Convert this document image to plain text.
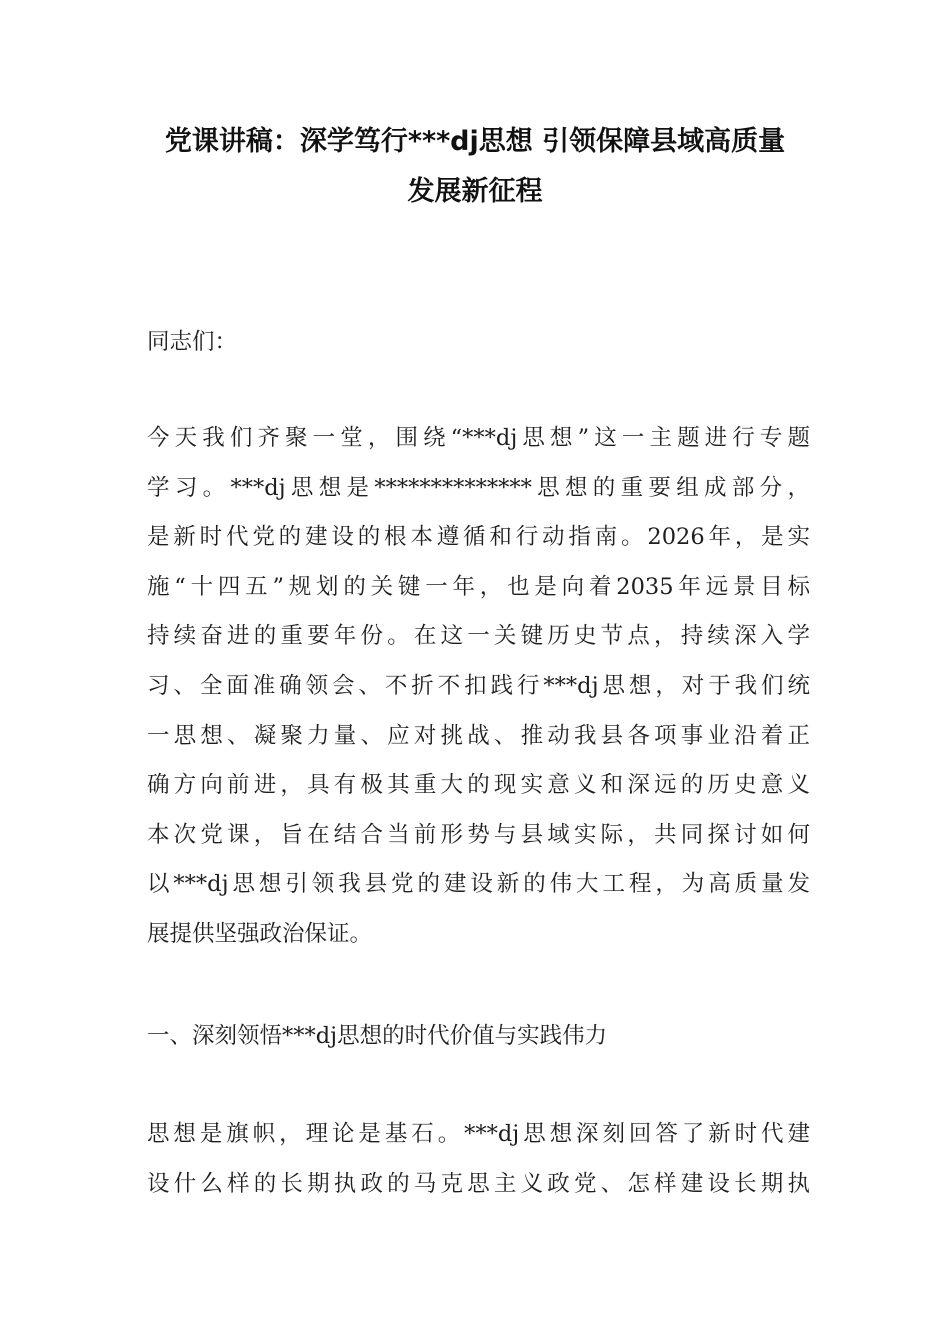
党课讲稿：深学笃行***dj思想 引领保障县域高质量
发展新征程

同志们：

今天我们齐聚一堂，围绕“***dj思想”这一主题进行专题
学习。***dj思想是**************思想的重要组成部分，
是新时代党的建设的根本遵循和行动指南。2026年，是实
施“十四五”规划的关键一年，也是向着2035年远景目标
持续奋进的重要年份。在这一关键历史节点，持续深入学
习、全面准确领会、不折不扣践行***dj思想，对于我们统
一思想、凝聚力量、应对挑战、推动我县各项事业沿着正
确方向前进，具有极其重大的现实意义和深远的历史意义
本次党课，旨在结合当前形势与县域实际，共同探讨如何
以***dj思想引领我县党的建设新的伟大工程，为高质量发
展提供坚强政治保证。
一、深刻领悟***dj思想的时代价值与实践伟力
思想是旗帜，理论是基石。***dj思想深刻回答了新时代建
设什么样的长期执政的马克思主义政党、怎样建设长期执
